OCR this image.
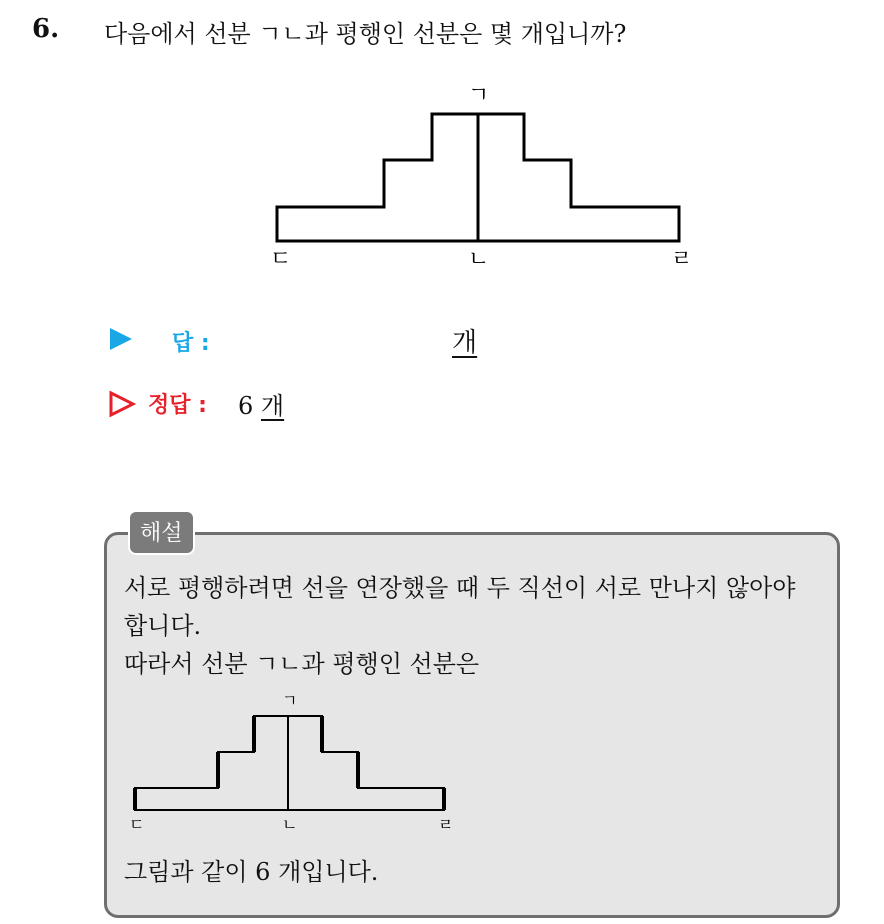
6. 다음에서 선분 ㄱㄴ과 평행인 선분은 몇 개입니까?
ㄱ
ㄴ
ㄷ	ㄹ
답 :	개
정답 : 6 개
해설
서로 평행하려면 선을 연장했을 때 두 직선이 서로 만나지 않아야
합니다.
따라서 선분 ㄱㄴ과 평행인 선분은
ㄱ
ㄴ
ㄷ	ㄹ
그림과 같이 6 개입니다.
